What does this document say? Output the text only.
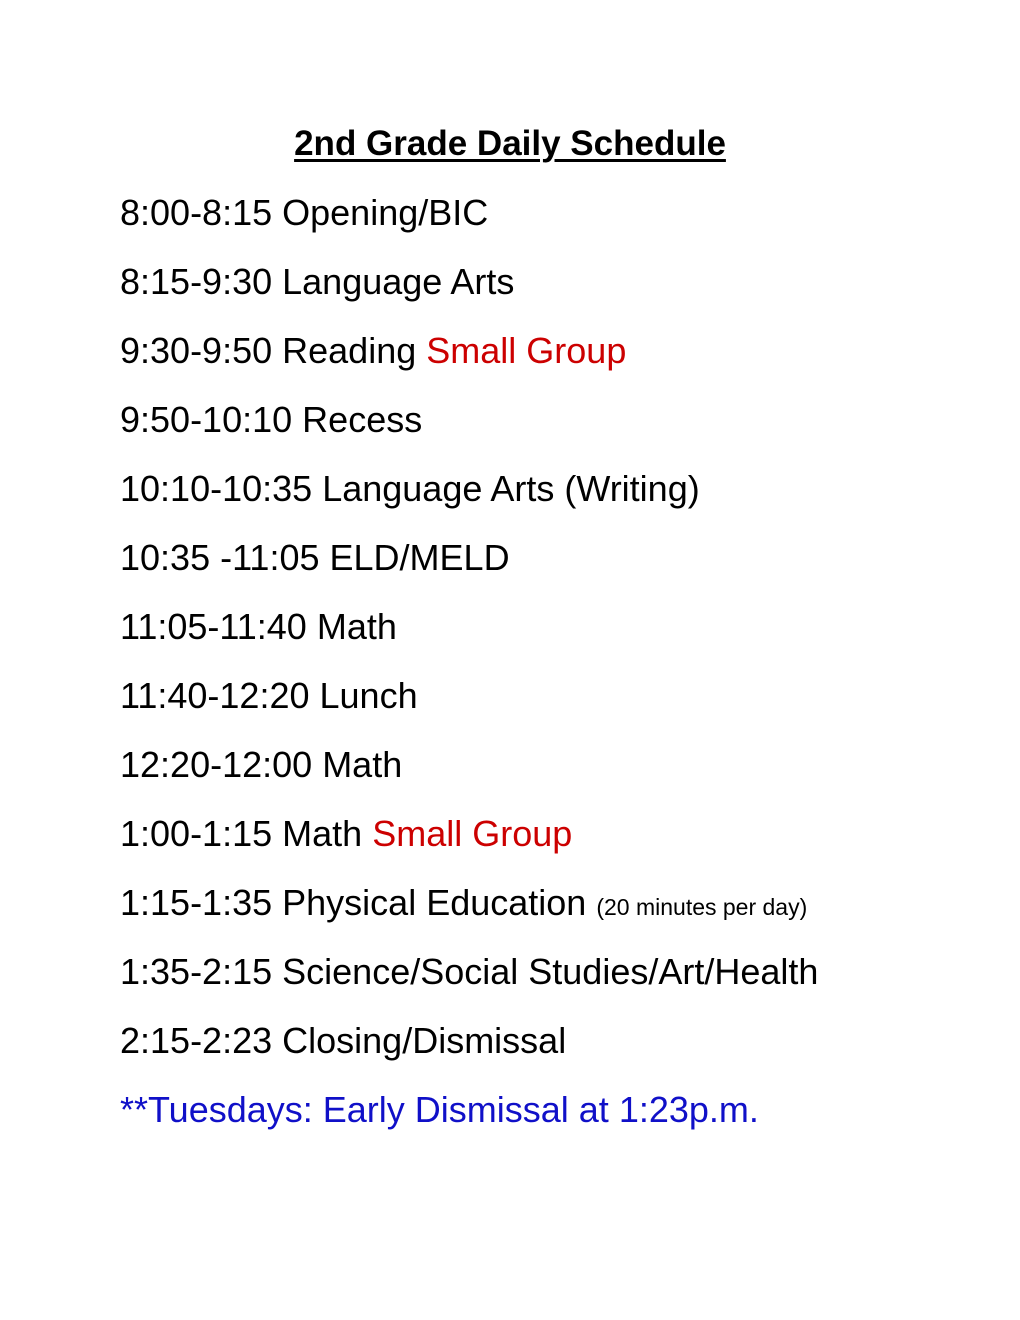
2nd Grade Daily Schedule
8:00-8:15 Opening/BIC
8:15-9:30 Language Arts
9:30-9:50 Reading Small Group
9:50-10:10 Recess
10:10-10:35 Language Arts (Writing)
10:35 -11:05 ELD/MELD
11:05-11:40 Math
11:40-12:20 Lunch
12:20-12:00 Math
1:00-1:15 Math Small Group
1:15-1:35 Physical Education (20 minutes per day)
1:35-2:15 Science/Social Studies/Art/Health
2:15-2:23 Closing/Dismissal
**Tuesdays: Early Dismissal at 1:23p.m.
